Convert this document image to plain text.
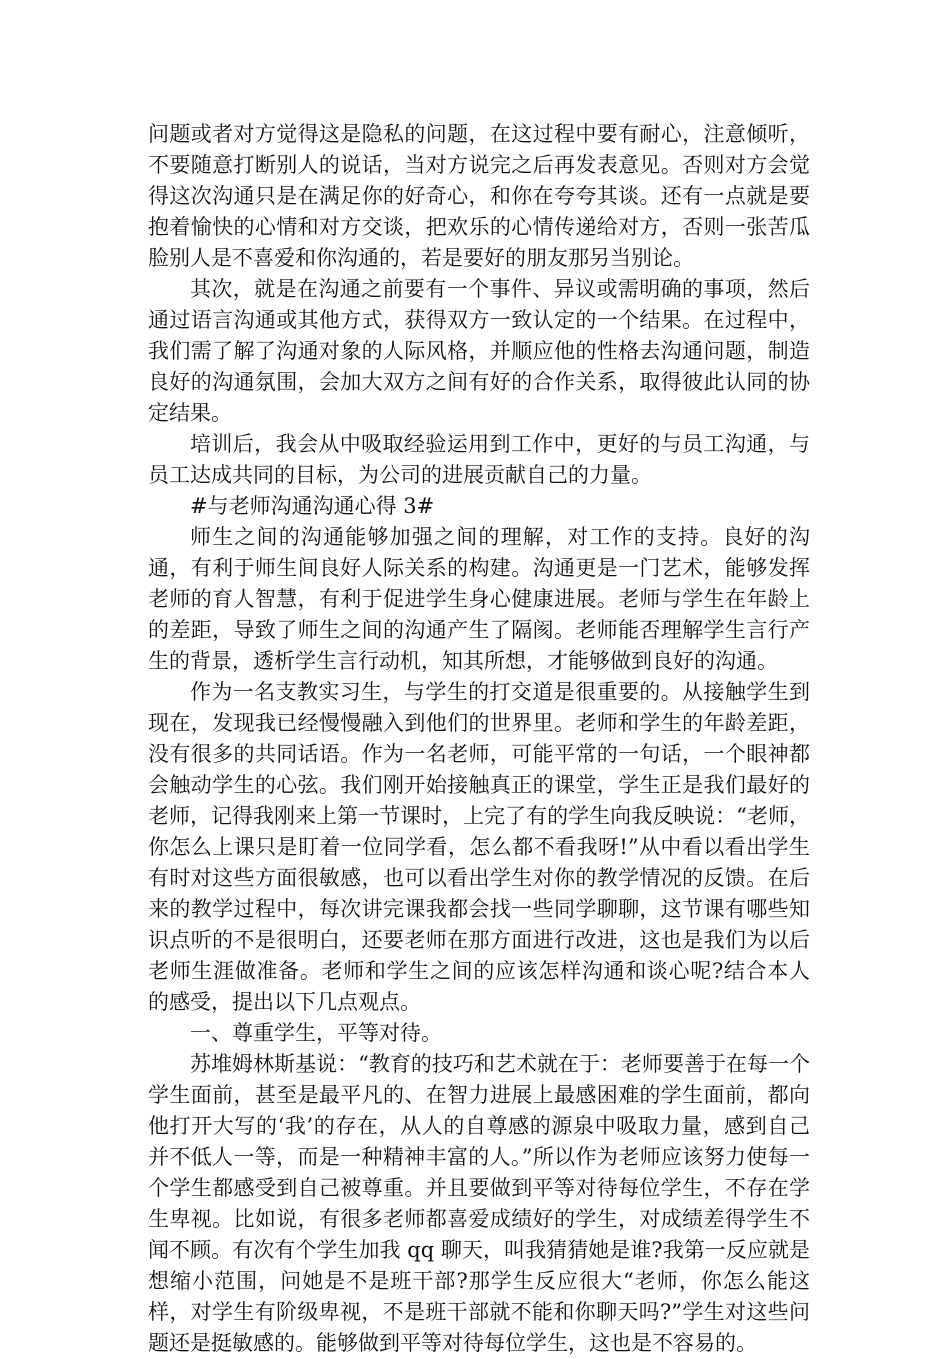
问题或者对方觉得这是隐私的问题，在这过程中要有耐心，注意倾听，不要随意打断别人的说话，当对方说完之后再发表意见。否则对方会觉得这次沟通只是在满足你的好奇心，和你在夸夸其谈。还有一点就是要抱着愉快的心情和对方交谈，把欢乐的心情传递给对方，否则一张苦瓜脸别人是不喜爱和你沟通的，若是要好的朋友那另当别论。

其次，就是在沟通之前要有一个事件、异议或需明确的事项，然后通过语言沟通或其他方式，获得双方一致认定的一个结果。在过程中，我们需了解了沟通对象的人际风格，并顺应他的性格去沟通问题，制造良好的沟通氛围，会加大双方之间有好的合作关系，取得彼此认同的协定结果。

培训后，我会从中吸取经验运用到工作中，更好的与员工沟通，与员工达成共同的目标，为公司的进展贡献自己的力量。

#与老师沟通沟通心得 3#

师生之间的沟通能够加强之间的理解，对工作的支持。良好的沟通，有利于师生间良好人际关系的构建。沟通更是一门艺术，能够发挥老师的育人智慧，有利于促进学生身心健康进展。老师与学生在年龄上的差距，导致了师生之间的沟通产生了隔阂。老师能否理解学生言行产生的背景，透析学生言行动机，知其所想，才能够做到良好的沟通。

作为一名支教实习生，与学生的打交道是很重要的。从接触学生到现在，发现我已经慢慢融入到他们的世界里。老师和学生的年龄差距，没有很多的共同话语。作为一名老师，可能平常的一句话，一个眼神都会触动学生的心弦。我们刚开始接触真正的课堂，学生正是我们最好的老师，记得我刚来上第一节课时，上完了有的学生向我反映说：“老师，你怎么上课只是盯着一位同学看，怎么都不看我呀!”从中看以看出学生有时对这些方面很敏感，也可以看出学生对你的教学情况的反馈。在后来的教学过程中，每次讲完课我都会找一些同学聊聊，这节课有哪些知识点听的不是很明白，还要老师在那方面进行改进，这也是我们为以后老师生涯做准备。老师和学生之间的应该怎样沟通和谈心呢?结合本人的感受，提出以下几点观点。

一、尊重学生，平等对待。

苏堆姆林斯基说：“教育的技巧和艺术就在于：老师要善于在每一个学生面前，甚至是最平凡的、在智力进展上最感困难的学生面前，都向他打开大写的‘我’的存在，从人的自尊感的源泉中吸取力量，感到自己并不低人一等，而是一种精神丰富的人。”所以作为老师应该努力使每一个学生都感受到自己被尊重。并且要做到平等对待每位学生，不存在学生卑视。比如说，有很多老师都喜爱成绩好的学生，对成绩差得学生不闻不顾。有次有个学生加我 qq 聊天，叫我猜猜她是谁?我第一反应就是想缩小范围，问她是不是班干部?那学生反应很大“老师，你怎么能这样，对学生有阶级卑视，不是班干部就不能和你聊天吗?”学生对这些问题还是挺敏感的。能够做到平等对待每位学生，这也是不容易的。
